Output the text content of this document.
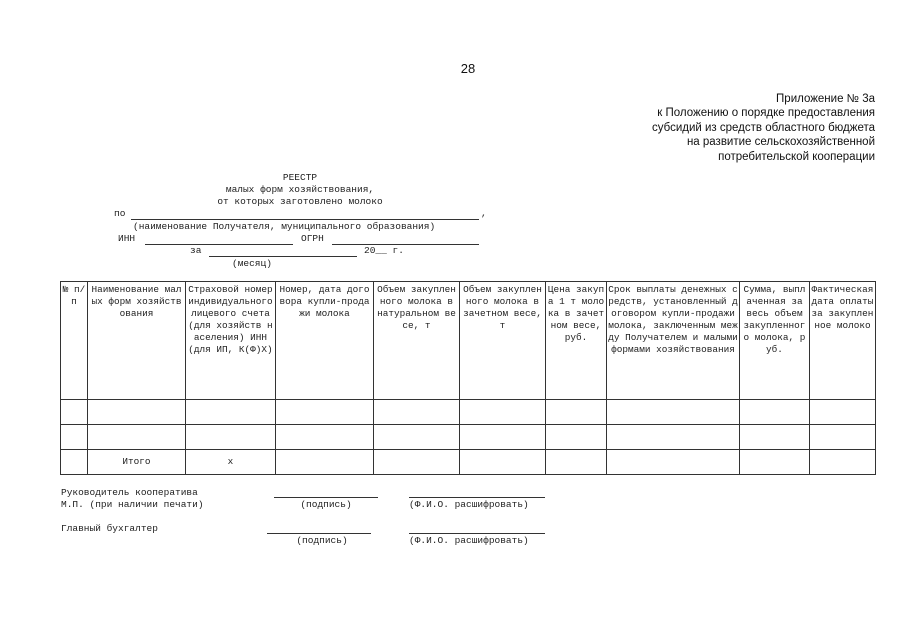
28
Приложение № 3а
к Положению о порядке предоставления
субсидий из средств областного бюджета
на развитие сельскохозяйственной
потребительской кооперации
РЕЕСТР
малых форм хозяйствования,
от которых заготовлено молоко
по	,
(наименование Получателя, муниципального образования)
ИНН	ОГРН
за	20__ г.
(месяц)
№ п/п	Наименование малых форм хозяйствования	Страховой номер индивидуального лицевого счета (для хозяйств населения) ИНН (для ИП, К(Ф)Х)	Номер, дата договора купли-продажи молока	Объем закупленного молока в натуральном весе, т	Объем закупленного молока в зачетном весе, т	Цена закупа 1 т молока в зачетном весе, руб.	Срок выплаты денежных средств, установленный договором купли-продажи молока, заключенным между Получателем и малыми формами хозяйствования	Сумма, выплаченная за весь объем закупленного молока, руб.	Фактическая дата оплаты за закупленное молоко

	Итого	х							
Руководитель кооператива
М.П. (при наличии печати)	(подпись)	(Ф.И.О. расшифровать)
Главный бухгалтер
(подпись)	(Ф.И.О. расшифровать)
